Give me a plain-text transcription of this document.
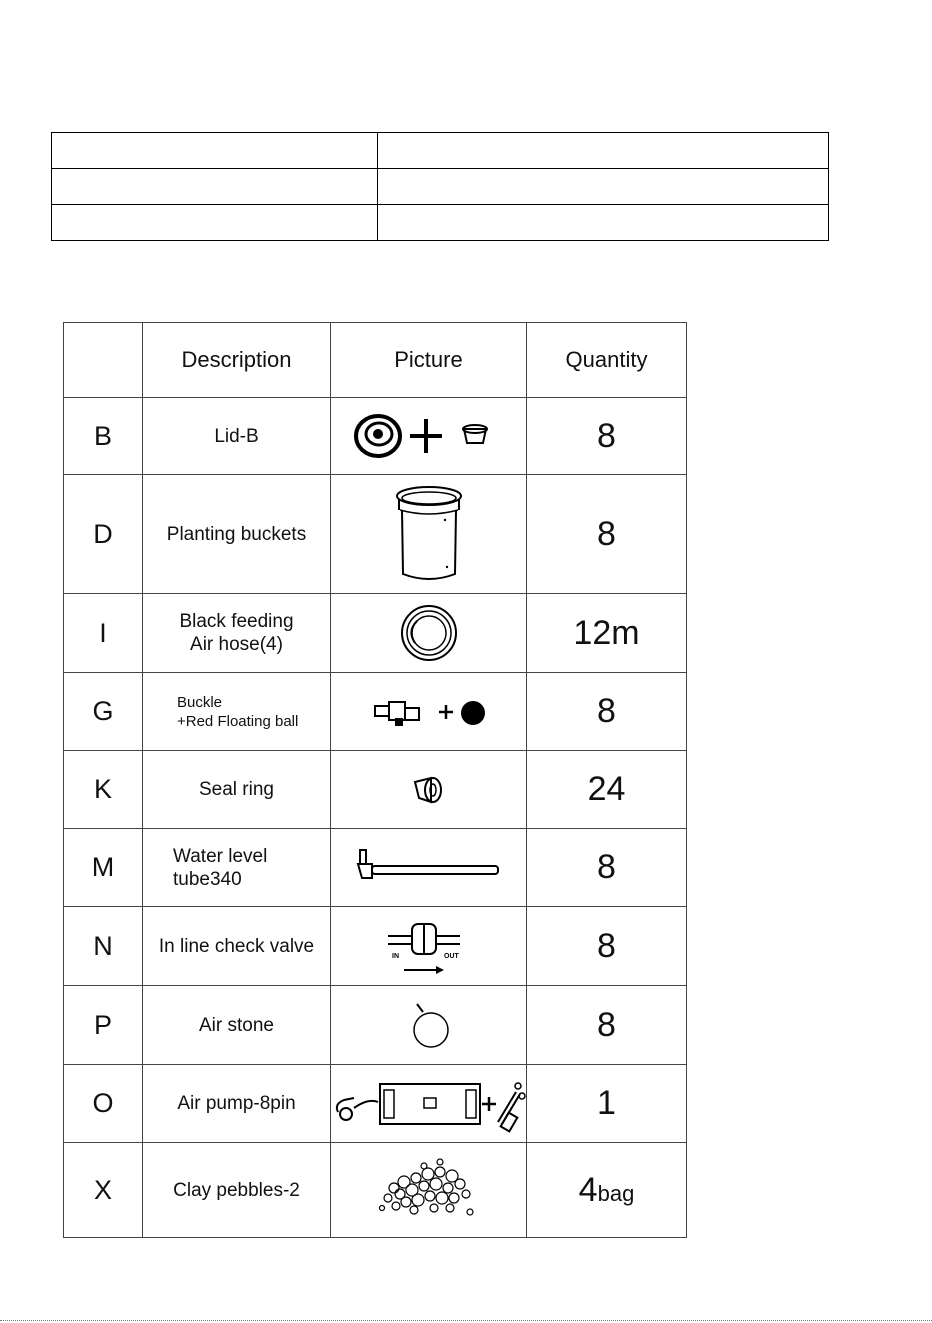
	Description	Picture	Quantity
B	Lid-B		8
D	Planting buckets		8
I	Black feeding
Air hose(4)		12m
G	Buckle
+Red Floating ball		8
K	Seal ring		24
M	Water level
tube340		8
N	In line check valve	IN OUT	8
P	Air stone		8
O	Air pump-8pin		1
X	Clay pebbles-2		4bag
